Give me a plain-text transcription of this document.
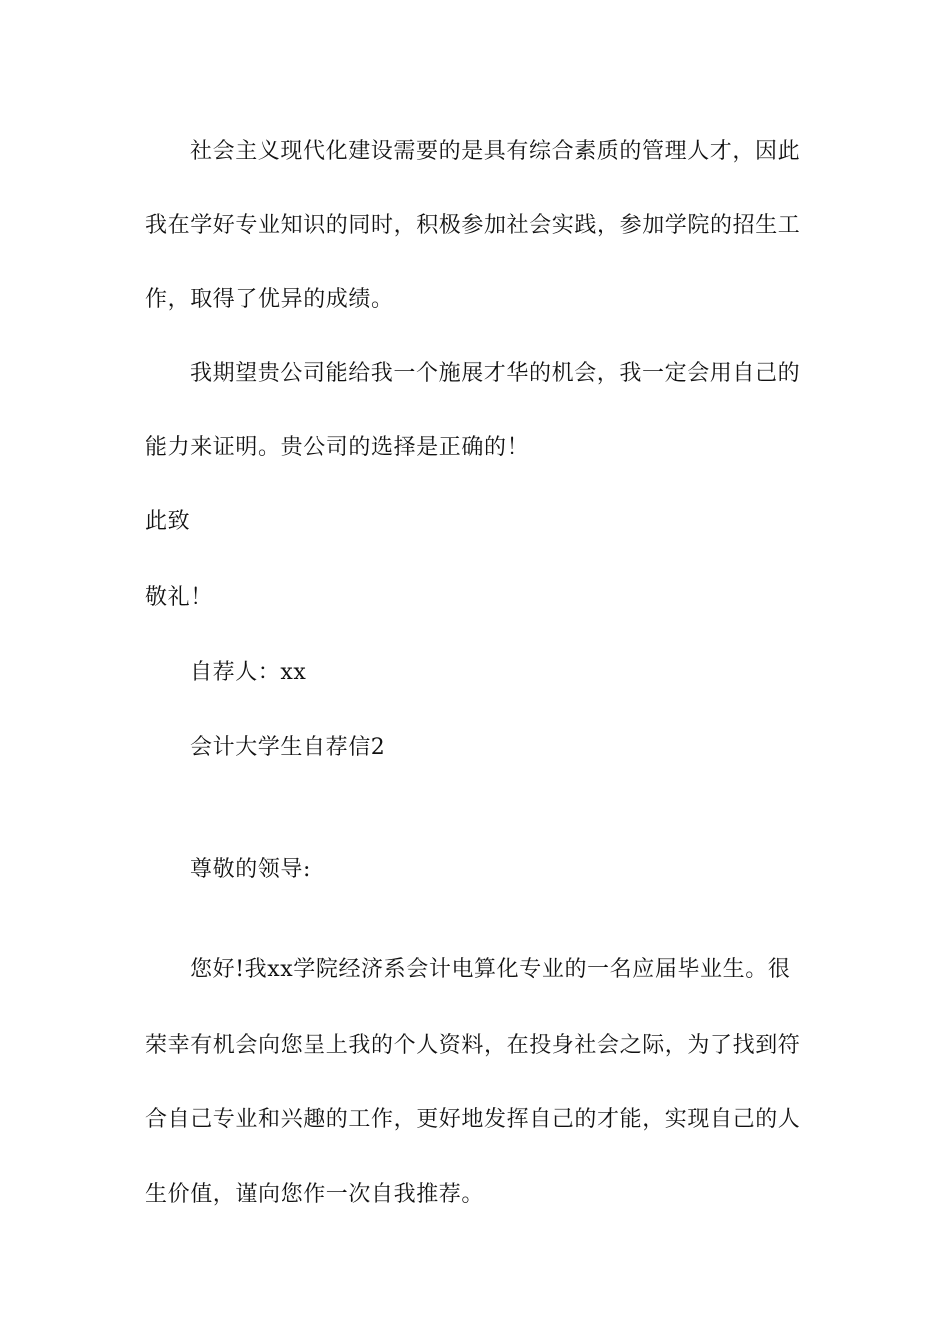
社会主义现代化建设需要的是具有综合素质的管理人才，因此
我在学好专业知识的同时，积极参加社会实践，参加学院的招生工
作，取得了优异的成绩。
我期望贵公司能给我一个施展才华的机会，我一定会用自己的
能力来证明。贵公司的选择是正确的！
此致
敬礼！
自荐人：xx
会计大学生自荐信2
尊敬的领导:
您好!我xx学院经济系会计电算化专业的一名应届毕业生。很
荣幸有机会向您呈上我的个人资料，在投身社会之际，为了找到符
合自己专业和兴趣的工作，更好地发挥自己的才能，实现自己的人
生价值，谨向您作一次自我推荐。
